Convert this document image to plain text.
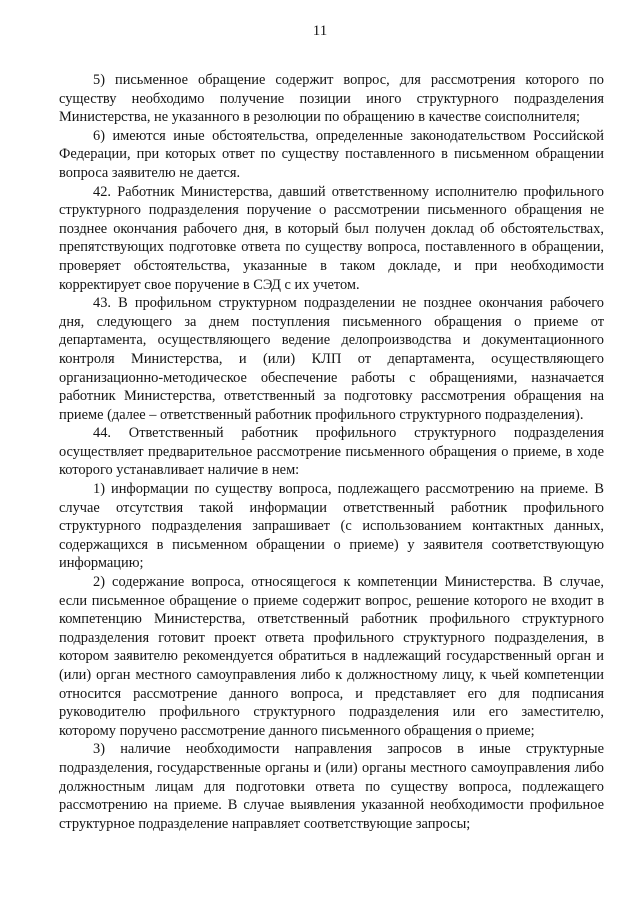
11

5) письменное обращение содержит вопрос, для рассмотрения которого по существу необходимо получение позиции иного структурного подразделения Министерства, не указанного в резолюции по обращению в качестве соисполнителя;

6) имеются иные обстоятельства, определенные законодательством Российской Федерации, при которых ответ по существу поставленного в письменном обращении вопроса заявителю не дается.

42. Работник Министерства, давший ответственному исполнителю профильного структурного подразделения поручение о рассмотрении письменного обращения не позднее окончания рабочего дня, в который был получен доклад об обстоятельствах, препятствующих подготовке ответа по существу вопроса, поставленного в обращении, проверяет обстоятельства, указанные в таком докладе, и при необходимости корректирует свое поручение в СЭД с их учетом.

43. В профильном структурном подразделении не позднее окончания рабочего дня, следующего за днем поступления письменного обращения о приеме от департамента, осуществляющего ведение делопроизводства и документационного контроля Министерства, и (или) КЛП от департамента, осуществляющего организационно-методическое обеспечение работы с обращениями, назначается работник Министерства, ответственный за подготовку рассмотрения обращения на приеме (далее – ответственный работник профильного структурного подразделения).

44. Ответственный работник профильного структурного подразделения осуществляет предварительное рассмотрение письменного обращения о приеме, в ходе которого устанавливает наличие в нем:

1) информации по существу вопроса, подлежащего рассмотрению на приеме. В случае отсутствия такой информации ответственный работник профильного структурного подразделения запрашивает (с использованием контактных данных, содержащихся в письменном обращении о приеме) у заявителя соответствующую информацию;

2) содержание вопроса, относящегося к компетенции Министерства. В случае, если письменное обращение о приеме содержит вопрос, решение которого не входит в компетенцию Министерства, ответственный работник профильного структурного подразделения готовит проект ответа профильного структурного подразделения, в котором заявителю рекомендуется обратиться в надлежащий государственный орган и (или) орган местного самоуправления либо к должностному лицу, к чьей компетенции относится рассмотрение данного вопроса, и представляет его для подписания руководителю профильного структурного подразделения или его заместителю, которому поручено рассмотрение данного письменного обращения о приеме;

3) наличие необходимости направления запросов в иные структурные подразделения, государственные органы и (или) органы местного самоуправления либо должностным лицам для подготовки ответа по существу вопроса, подлежащего рассмотрению на приеме. В случае выявления указанной необходимости профильное структурное подразделение направляет соответствующие запросы;
